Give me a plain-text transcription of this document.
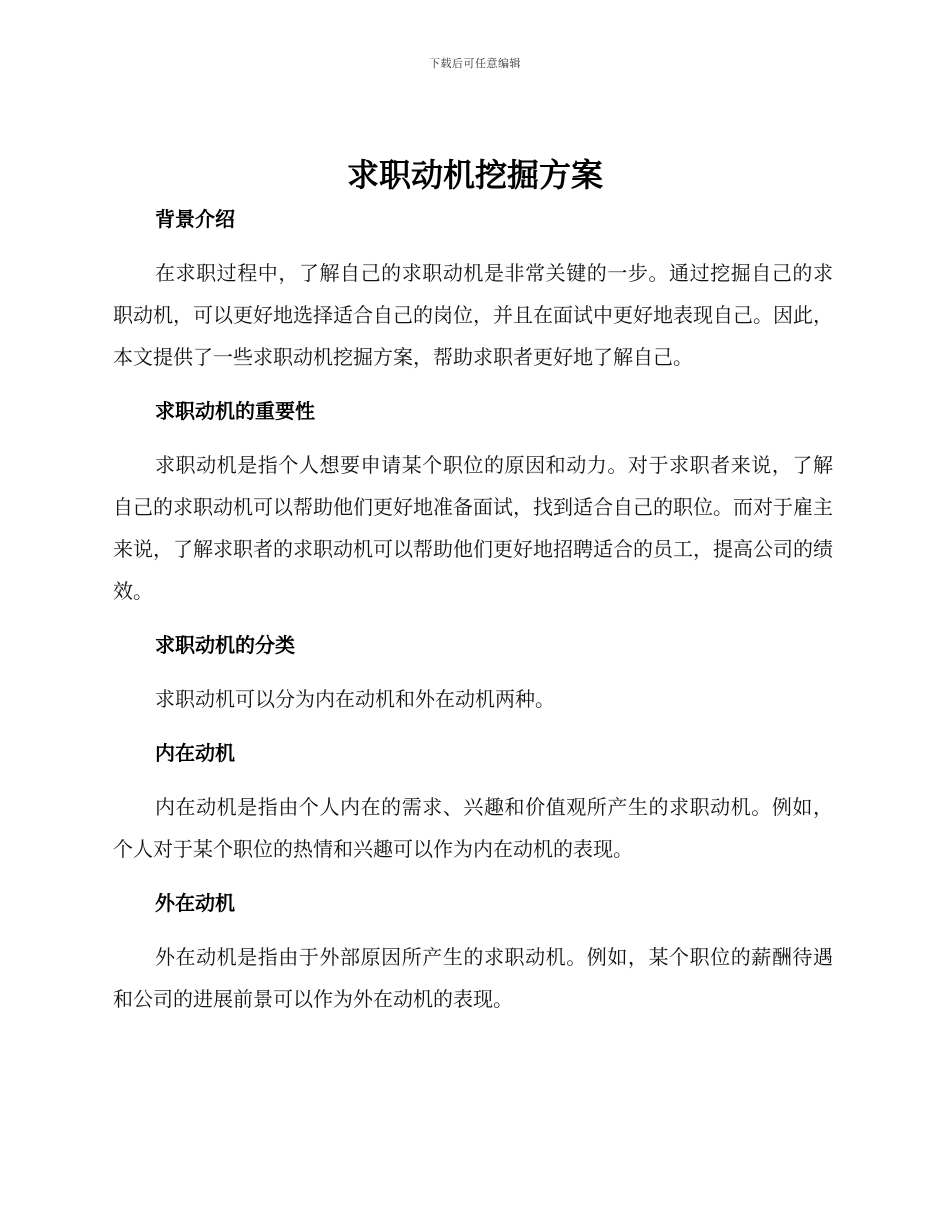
下载后可任意编辑
求职动机挖掘方案
背景介绍

在求职过程中，了解自己的求职动机是非常关键的一步。通过挖掘自己的求职动机，可以更好地选择适合自己的岗位，并且在面试中更好地表现自己。因此，本文提供了一些求职动机挖掘方案，帮助求职者更好地了解自己。

求职动机的重要性

求职动机是指个人想要申请某个职位的原因和动力。对于求职者来说，了解自己的求职动机可以帮助他们更好地准备面试，找到适合自己的职位。而对于雇主来说，了解求职者的求职动机可以帮助他们更好地招聘适合的员工，提高公司的绩效。

求职动机的分类

求职动机可以分为内在动机和外在动机两种。

内在动机

内在动机是指由个人内在的需求、兴趣和价值观所产生的求职动机。例如，个人对于某个职位的热情和兴趣可以作为内在动机的表现。

外在动机

外在动机是指由于外部原因所产生的求职动机。例如，某个职位的薪酬待遇和公司的进展前景可以作为外在动机的表现。
